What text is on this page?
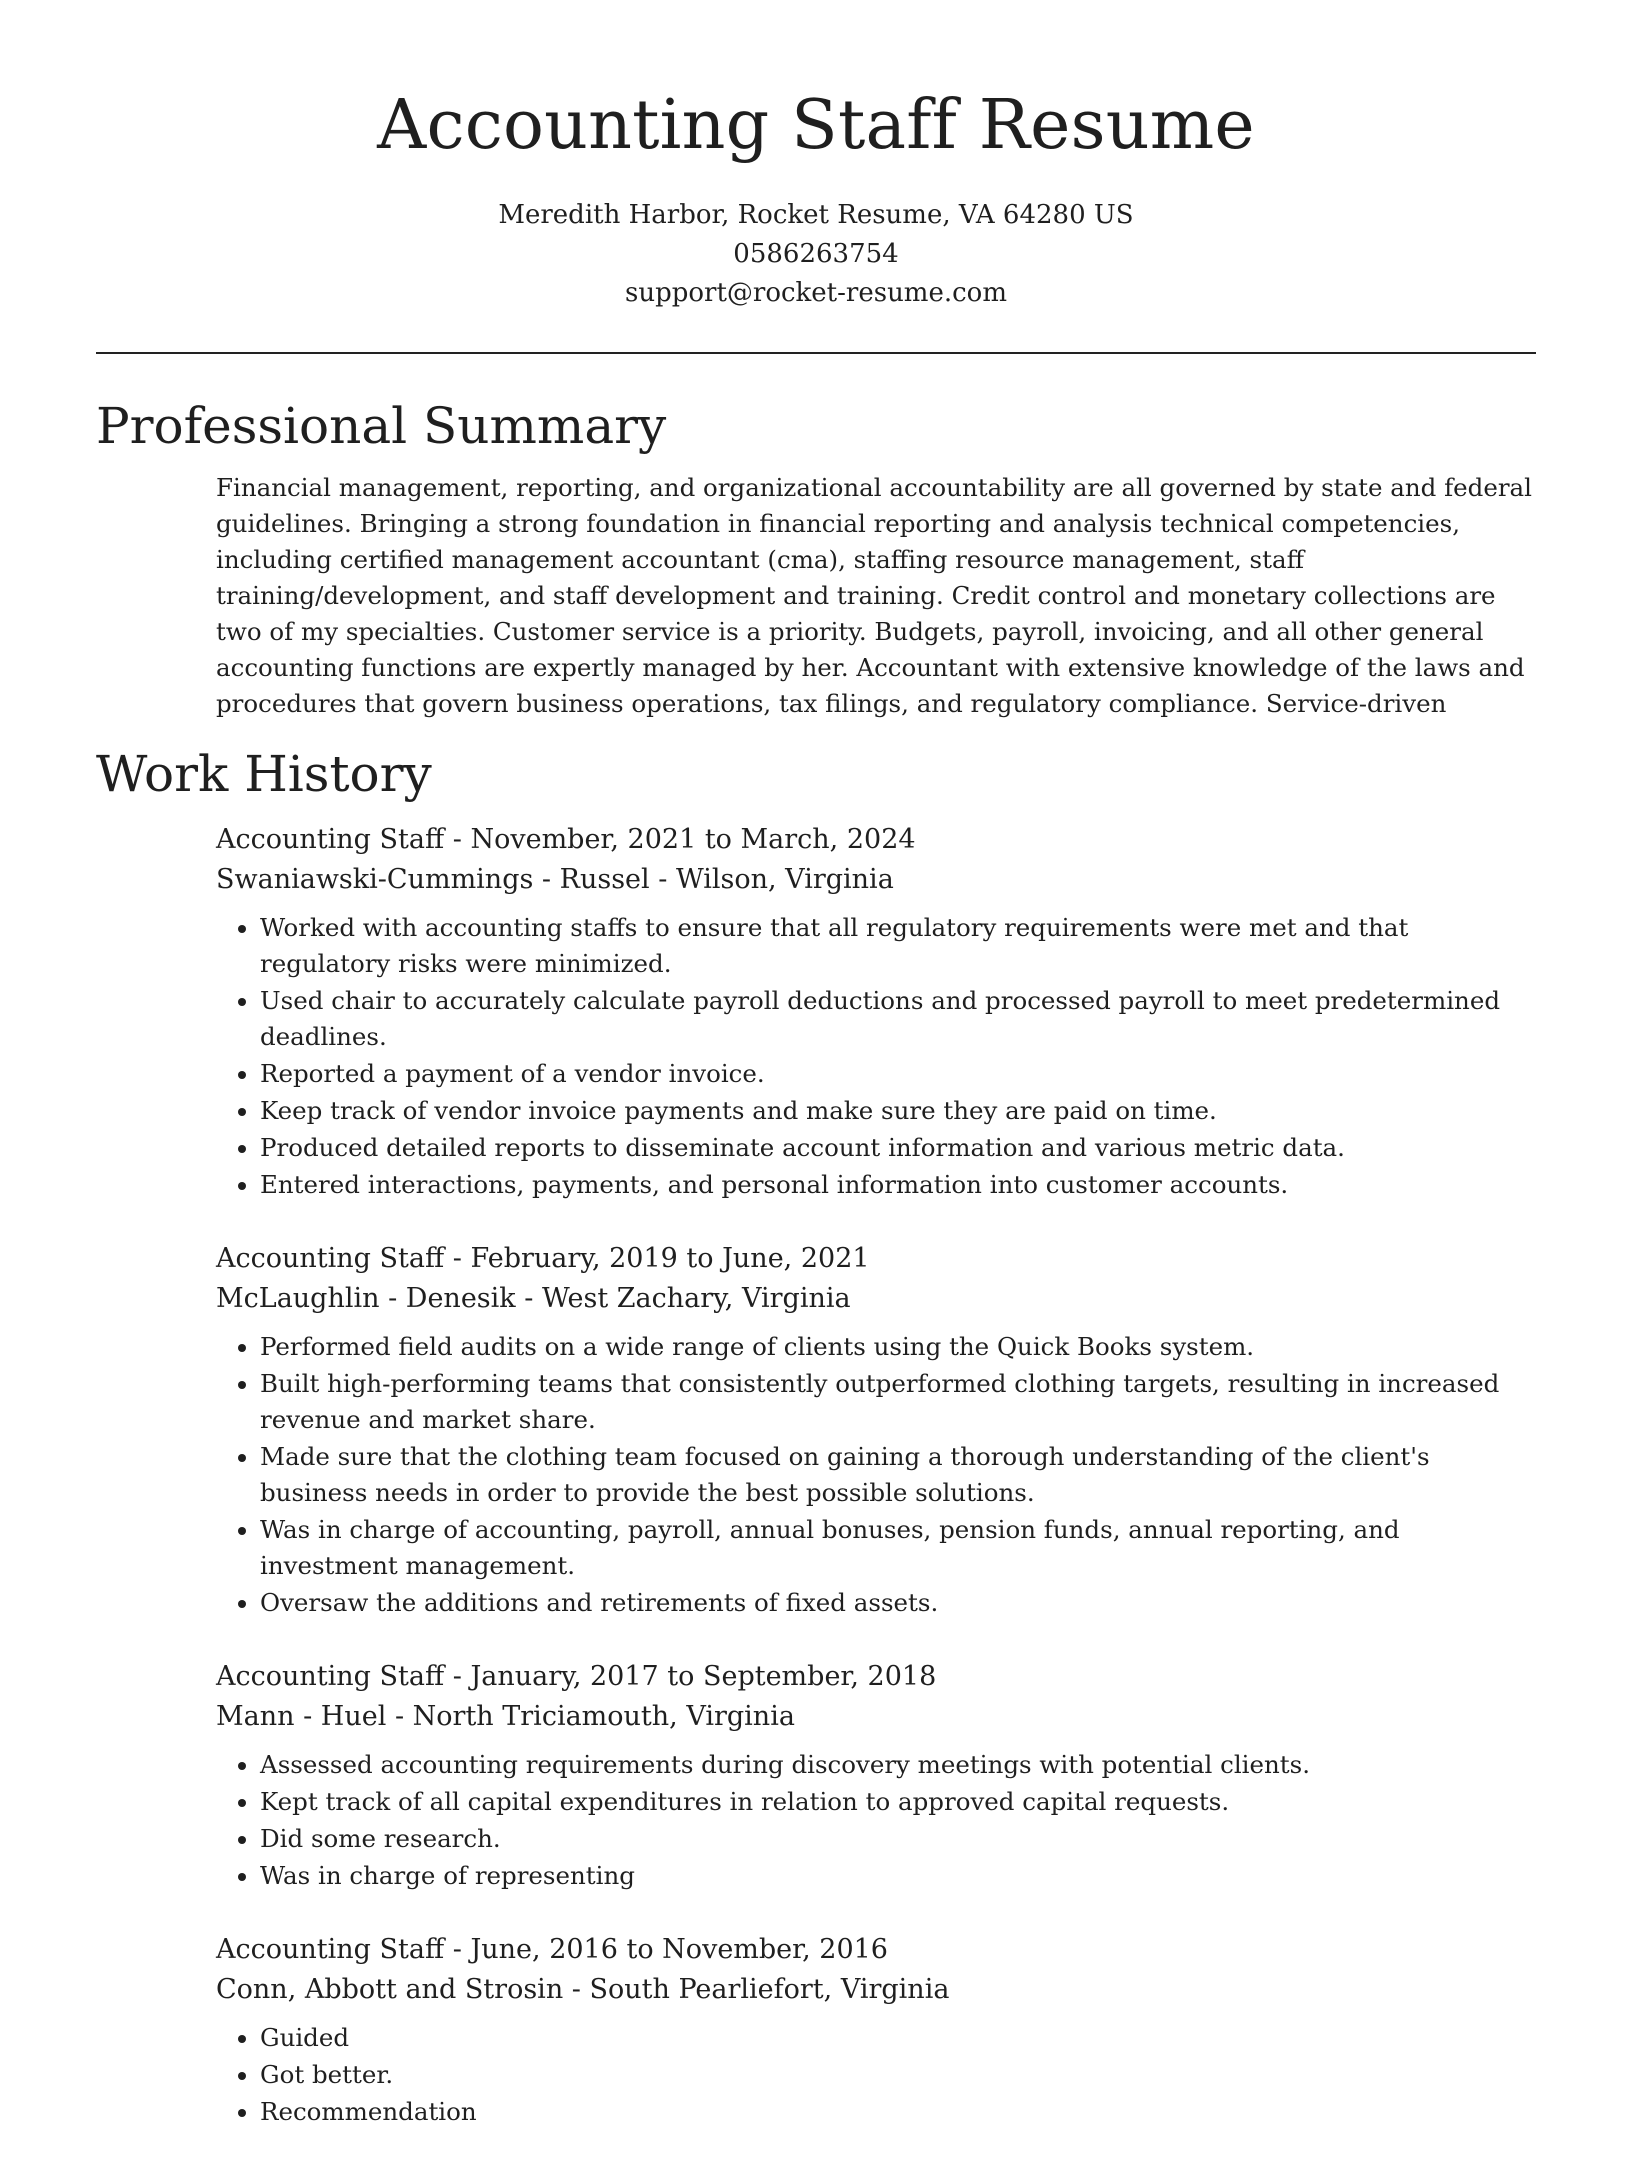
Accounting Staff Resume
Meredith Harbor, Rocket Resume, VA 64280 US
0586263754
support@rocket-resume.com
Professional Summary
Financial management, reporting, and organizational accountability are all governed by state and federal guidelines. Bringing a strong foundation in financial reporting and analysis technical competencies, including certified management accountant (cma), staffing resource management, staff training/development, and staff development and training. Credit control and monetary collections are two of my specialties. Customer service is a priority. Budgets, payroll, invoicing, and all other general accounting functions are expertly managed by her. Accountant with extensive knowledge of the laws and procedures that govern business operations, tax filings, and regulatory compliance. Service-driven
Work History
Accounting Staff - November, 2021 to March, 2024
Swaniawski-Cummings - Russel - Wilson, Virginia
• Worked with accounting staffs to ensure that all regulatory requirements were met and that regulatory risks were minimized.
• Used chair to accurately calculate payroll deductions and processed payroll to meet predetermined deadlines.
• Reported a payment of a vendor invoice.
• Keep track of vendor invoice payments and make sure they are paid on time.
• Produced detailed reports to disseminate account information and various metric data.
• Entered interactions, payments, and personal information into customer accounts.
Accounting Staff - February, 2019 to June, 2021
McLaughlin - Denesik - West Zachary, Virginia
• Performed field audits on a wide range of clients using the Quick Books system.
• Built high-performing teams that consistently outperformed clothing targets, resulting in increased revenue and market share.
• Made sure that the clothing team focused on gaining a thorough understanding of the client's business needs in order to provide the best possible solutions.
• Was in charge of accounting, payroll, annual bonuses, pension funds, annual reporting, and investment management.
• Oversaw the additions and retirements of fixed assets.
Accounting Staff - January, 2017 to September, 2018
Mann - Huel - North Triciamouth, Virginia
• Assessed accounting requirements during discovery meetings with potential clients.
• Kept track of all capital expenditures in relation to approved capital requests.
• Did some research.
• Was in charge of representing
Accounting Staff - June, 2016 to November, 2016
Conn, Abbott and Strosin - South Pearliefort, Virginia
• Guided
• Got better.
• Recommendation
